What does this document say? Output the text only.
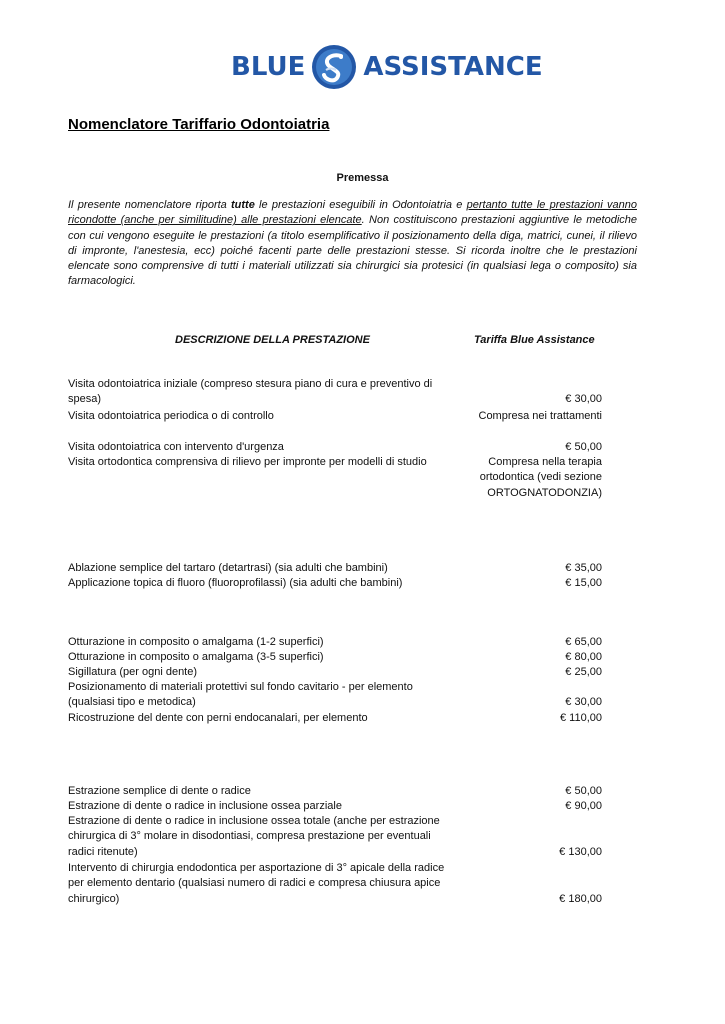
BLUE ASSISTANCE
Nomenclatore Tariffario Odontoiatria
Premessa
Il presente nomenclatore riporta tutte le prestazioni eseguibili in Odontoiatria e pertanto tutte le prestazioni vanno ricondotte (anche per similitudine) alle prestazioni elencate. Non costituiscono prestazioni aggiuntive le metodiche con cui vengono eseguite le prestazioni (a titolo esemplificativo il posizionamento della diga, matrici, cunei, il rilievo di impronte, l'anestesia, ecc) poiché facenti parte delle prestazioni stesse. Si ricorda inoltre che le prestazioni elencate sono comprensive di tutti i materiali utilizzati sia chirurgici sia protesici (in qualsiasi lega o composito) sia farmacologici.
DESCRIZIONE DELLA PRESTAZIONE	Tariffa Blue Assistance
Visita odontoiatrica iniziale (compreso stesura piano di cura e preventivo di spesa)	€ 30,00
Visita odontoiatrica periodica o di controllo	Compresa nei trattamenti
Visita odontoiatrica con intervento d'urgenza	€ 50,00
Visita ortodontica comprensiva di rilievo per impronte per modelli di studio	Compresa nella terapia ortodontica (vedi sezione ORTOGNATODONZIA)
Ablazione semplice del tartaro (detartrasi) (sia adulti che bambini)	€ 35,00
Applicazione topica di fluoro (fluoroprofilassi) (sia adulti che bambini)	€ 15,00
Otturazione in composito o amalgama (1-2 superfici)	€ 65,00
Otturazione in composito o amalgama (3-5 superfici)	€ 80,00
Sigillatura (per ogni dente)	€ 25,00
Posizionamento di materiali protettivi sul fondo cavitario - per elemento (qualsiasi tipo e metodica)	€ 30,00
Ricostruzione del dente con perni endocanalari, per elemento	€ 110,00
Estrazione semplice di dente o radice	€ 50,00
Estrazione di dente o radice in inclusione ossea parziale	€ 90,00
Estrazione di dente o radice in inclusione ossea totale (anche per estrazione chirurgica di 3° molare in disodontiasi, compresa prestazione per eventuali radici ritenute)	€ 130,00
Intervento di chirurgia endodontica per asportazione di 3° apicale della radice per elemento dentario (qualsiasi numero di radici e compresa chiusura apice chirurgico)	€ 180,00
